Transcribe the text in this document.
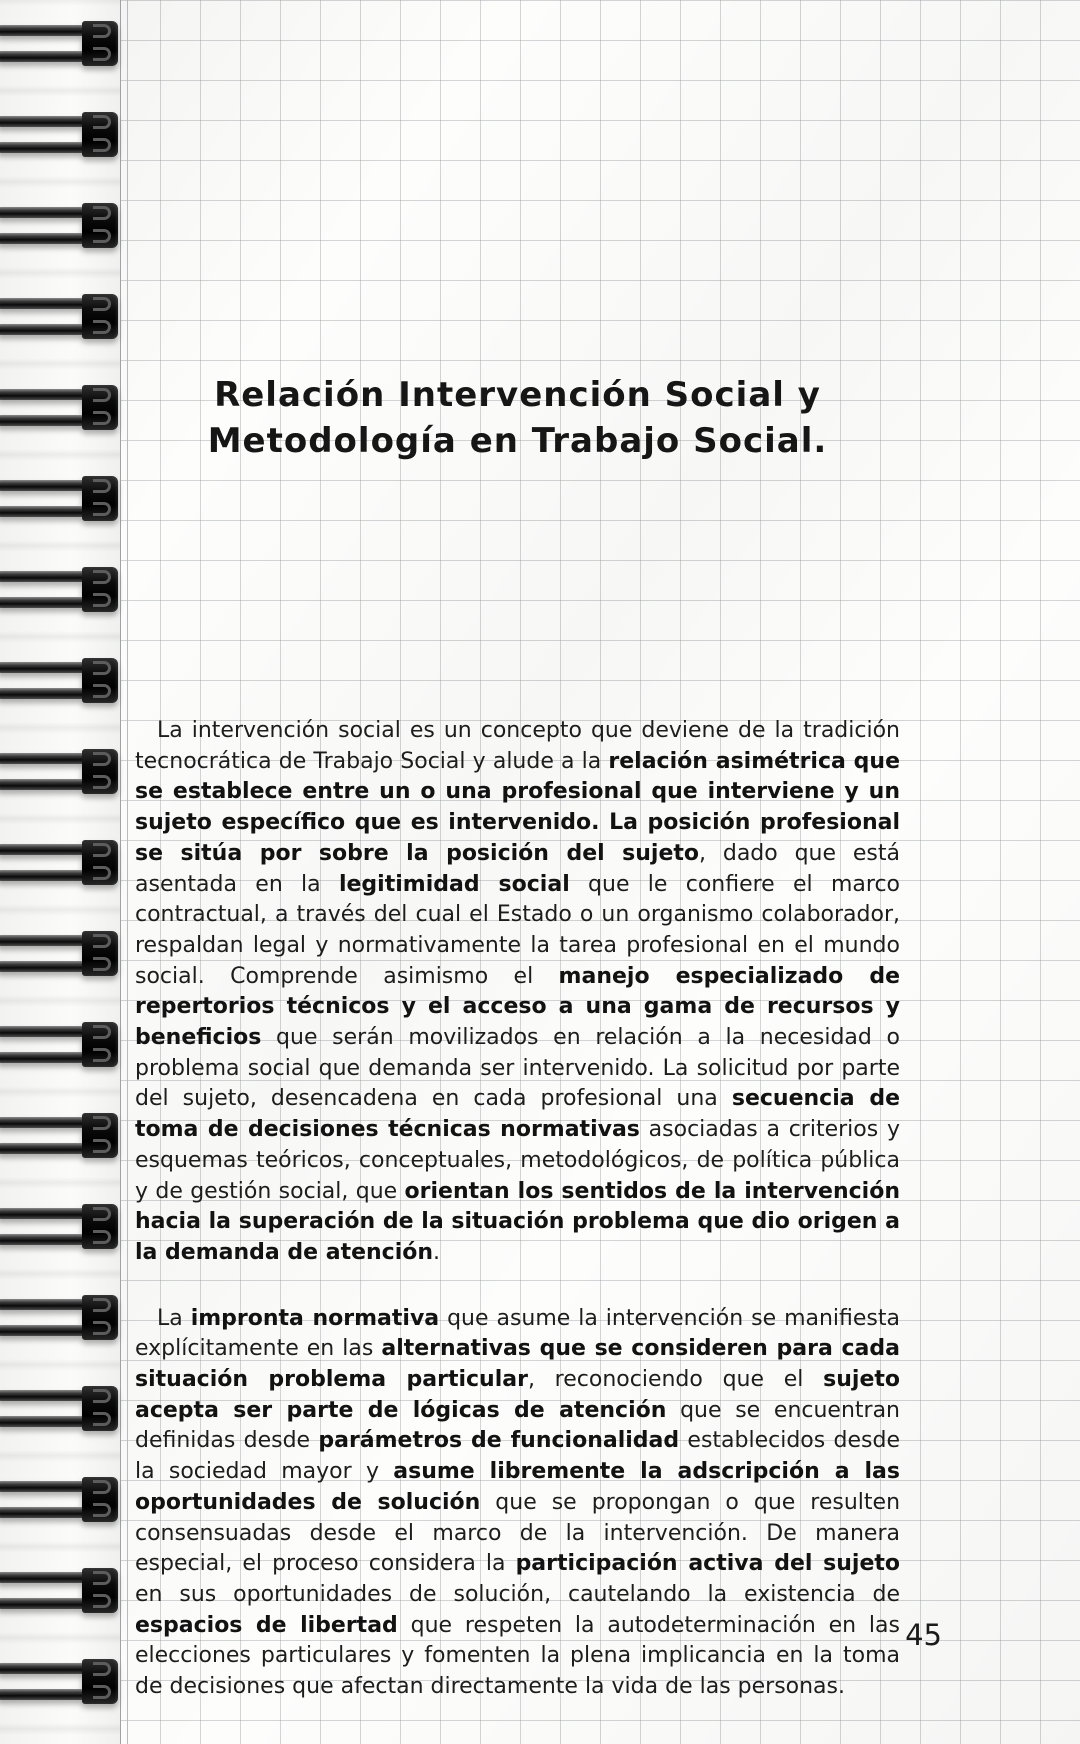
Relación Intervención Social y
Metodología en Trabajo Social.

La intervención social es un concepto que deviene de la tradición tecnocrática de Trabajo Social y alude a la relación asimétrica que se establece entre un o una profesional que interviene y un sujeto específico que es intervenido. La posición profesional se sitúa por sobre la posición del sujeto, dado que está asentada en la legitimidad social que le confiere el marco contractual, a través del cual el Estado o un organismo colaborador, respaldan legal y normativamente la tarea profesional en el mundo social. Comprende asimismo el manejo especializado de repertorios técnicos y el acceso a una gama de recursos y beneficios que serán movilizados en relación a la necesidad o problema social que demanda ser intervenido. La solicitud por parte del sujeto, desencadena en cada profesional una secuencia de toma de decisiones técnicas normativas asociadas a criterios y esquemas teóricos, conceptuales, metodológicos, de política pública y de gestión social, que orientan los sentidos de la intervención hacia la superación de la situación problema que dio origen a la demanda de atención.

La impronta normativa que asume la intervención se manifiesta explícitamente en las alternativas que se consideren para cada situación problema particular, reconociendo que el sujeto acepta ser parte de lógicas de atención que se encuentran definidas desde parámetros de funcionalidad establecidos desde la sociedad mayor y asume libremente la adscripción a las oportunidades de solución que se propongan o que resulten consensuadas desde el marco de la intervención. De manera especial, el proceso considera la participación activa del sujeto en sus oportunidades de solución, cautelando la existencia de espacios de libertad que respeten la autodeterminación en las elecciones particulares y fomenten la plena implicancia en la toma de decisiones que afectan directamente la vida de las personas.

45
